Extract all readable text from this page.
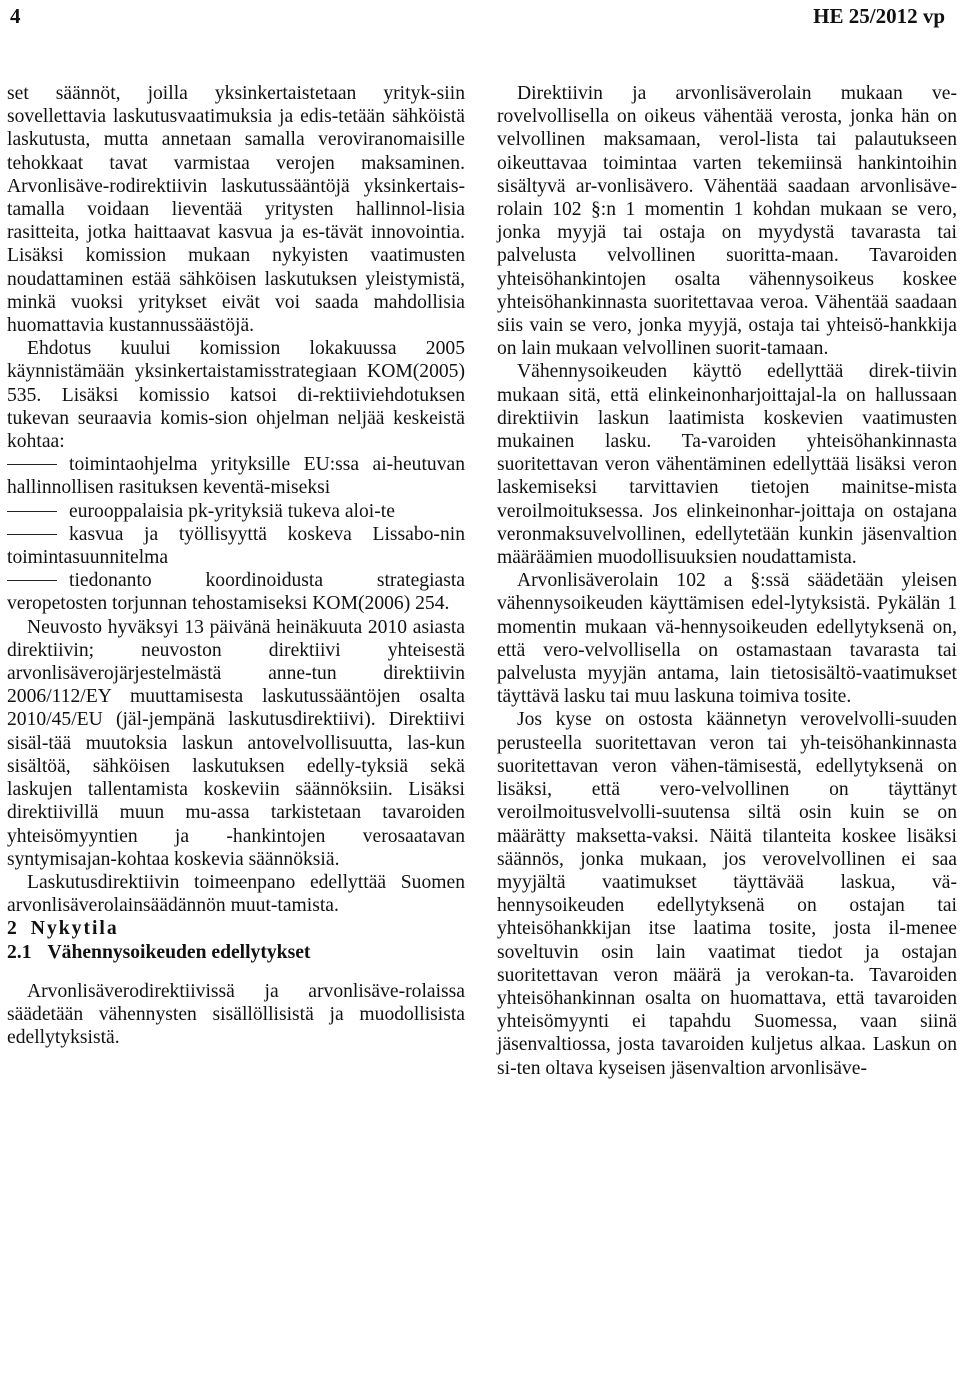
4	HE 25/2012 vp

set säännöt, joilla yksinkertaistetaan yrityk-siin sovellettavia laskutusvaatimuksia ja edis-tetään sähköistä laskutusta, mutta annetaan samalla veroviranomaisille tehokkaat tavat varmistaa verojen maksaminen. Arvonlisäve-rodirektiivin laskutussääntöjä yksinkertais-tamalla voidaan lieventää yritysten hallinnol-lisia rasitteita, jotka haittaavat kasvua ja es-tävät innovointia. Lisäksi komission mukaan nykyisten vaatimusten noudattaminen estää sähköisen laskutuksen yleistymistä, minkä vuoksi yritykset eivät voi saada mahdollisia huomattavia kustannussäästöjä.

Ehdotus kuului komission lokakuussa 2005 käynnistämään yksinkertaistamisstrategiaan KOM(2005) 535. Lisäksi komissio katsoi di-rektiiviehdotuksen tukevan seuraavia komis-sion ohjelman neljää keskeistä kohtaa:

toimintaohjelma yrityksille EU:ssa ai-heutuvan hallinnollisen rasituksen keventä-miseksi

eurooppalaisia pk-yrityksiä tukeva aloi-te

kasvua ja työllisyyttä koskeva Lissabo-nin toimintasuunnitelma

tiedonanto koordinoidusta strategiasta veropetosten torjunnan tehostamiseksi KOM(2006) 254.

Neuvosto hyväksyi 13 päivänä heinäkuuta 2010 asiasta direktiivin; neuvoston direktiivi yhteisestä arvonlisäverojärjestelmästä anne-tun direktiivin 2006/112/EY muuttamisesta laskutussääntöjen osalta 2010/45/EU (jäl-jempänä laskutusdirektiivi). Direktiivi sisäl-tää muutoksia laskun antovelvollisuutta, las-kun sisältöä, sähköisen laskutuksen edelly-tyksiä sekä laskujen tallentamista koskeviin säännöksiin. Lisäksi direktiivillä muun mu-assa tarkistetaan tavaroiden yhteisömyyntien ja -hankintojen verosaatavan syntymisajan-kohtaa koskevia säännöksiä.

Laskutusdirektiivin toimeenpano edellyttää Suomen arvonlisäverolainsäädännön muut-tamista.

2 Nykytila

2.1 Vähennysoikeuden edellytykset

Arvonlisäverodirektiivissä ja arvonlisäve-rolaissa säädetään vähennysten sisällöllisistä ja muodollisista edellytyksistä.

Direktiivin ja arvonlisäverolain mukaan ve-rovelvollisella on oikeus vähentää verosta, jonka hän on velvollinen maksamaan, verol-lista tai palautukseen oikeuttavaa toimintaa varten tekemiinsä hankintoihin sisältyvä ar-vonlisävero. Vähentää saadaan arvonlisäve-rolain 102 §:n 1 momentin 1 kohdan mukaan se vero, jonka myyjä tai ostaja on myydystä tavarasta tai palvelusta velvollinen suoritta-maan. Tavaroiden yhteisöhankintojen osalta vähennysoikeus koskee yhteisöhankinnasta suoritettavaa veroa. Vähentää saadaan siis vain se vero, jonka myyjä, ostaja tai yhteisö-hankkija on lain mukaan velvollinen suorit-tamaan.

Vähennysoikeuden käyttö edellyttää direk-tiivin mukaan sitä, että elinkeinonharjoittajal-la on hallussaan direktiivin laskun laatimista koskevien vaatimusten mukainen lasku. Ta-varoiden yhteisöhankinnasta suoritettavan veron vähentäminen edellyttää lisäksi veron laskemiseksi tarvittavien tietojen mainitse-mista veroilmoituksessa. Jos elinkeinonhar-joittaja on ostajana veronmaksuvelvollinen, edellytetään kunkin jäsenvaltion määräämien muodollisuuksien noudattamista.

Arvonlisäverolain 102 a §:ssä säädetään yleisen vähennysoikeuden käyttämisen edel-lytyksistä. Pykälän 1 momentin mukaan vä-hennysoikeuden edellytyksenä on, että vero-velvollisella on ostamastaan tavarasta tai palvelusta myyjän antama, lain tietosisältö-vaatimukset täyttävä lasku tai muu laskuna toimiva tosite.

Jos kyse on ostosta käännetyn verovelvolli-suuden perusteella suoritettavan veron tai yh-teisöhankinnasta suoritettavan veron vähen-tämisestä, edellytyksenä on lisäksi, että vero-velvollinen on täyttänyt veroilmoitusvelvolli-suutensa siltä osin kuin se on määrätty maksetta-vaksi. Näitä tilanteita koskee lisäksi säännös, jonka mukaan, jos verovelvollinen ei saa myyjältä vaatimukset täyttävää laskua, vä-hennysoikeuden edellytyksenä on ostajan tai yhteisöhankkijan itse laatima tosite, josta il-menee soveltuvin osin lain vaatimat tiedot ja ostajan suoritettavan veron määrä ja verokan-ta. Tavaroiden yhteisöhankinnan osalta on huomattava, että tavaroiden yhteisömyynti ei tapahdu Suomessa, vaan siinä jäsenvaltiossa, josta tavaroiden kuljetus alkaa. Laskun on si-ten oltava kyseisen jäsenvaltion arvonlisäve-
